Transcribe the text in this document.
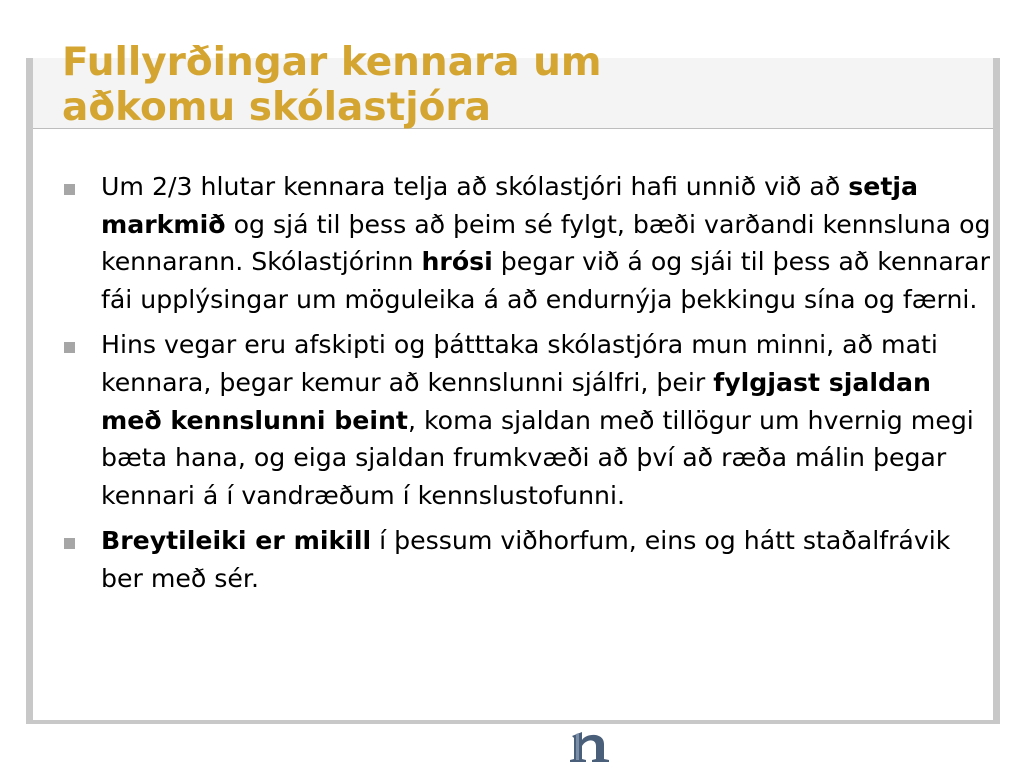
Fullyrðingar kennara um
aðkomu skólastjóra
Um 2/3 hlutar kennara telja að skólastjóri hafi unnið við að setja markmið og sjá til þess að þeim sé fylgt, bæði varðandi kennsluna og kennarann. Skólastjórinn hrósi þegar við á og sjái til þess að kennarar fái upplýsingar um möguleika á að endurnýja þekkingu sína og færni.
Hins vegar eru afskipti og þátttaka skólastjóra mun minni, að mati kennara, þegar kemur að kennslunni sjálfri, þeir fylgjast sjaldan með kennslunni beint, koma sjaldan með tillögur um hvernig megi bæta hana, og eiga sjaldan frumkvæði að því að ræða málin þegar kennari á í vandræðum í kennslustofunni.
Breytileiki er mikill í þessum viðhorfum, eins og hátt staðalfrávik ber með sér.
